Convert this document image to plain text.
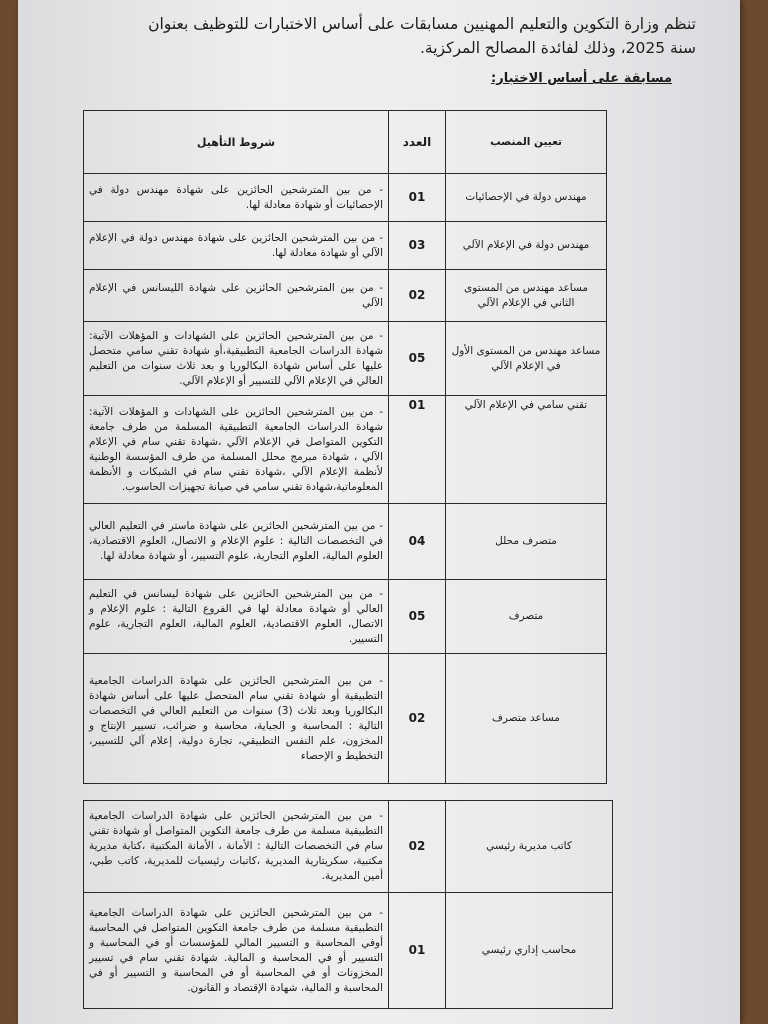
تنظم وزارة التكوين والتعليم المهنيين مسابقات على أساس الاختبارات للتوظيف بعنوان
سنة 2025، وذلك لفائدة المصالح المركزية.
مسابقة على أساس الاختبار:
تعيين المنصب	العدد	شروط التأهيل
مهندس دولة في الإحصائيات	01	- من بين المترشحين الحائزين على شهادة مهندس دولة في الإحصائيات أو شهادة معادلة لها.
مهندس دولة في الإعلام الآلي	03	- من بين المترشحين الحائزين على شهادة مهندس دولة في الإعلام الآلي أو شهادة معادلة لها.
مساعد مهندس من المستوى الثاني في الإعلام الآلي	02	- من بين المترشحين الحائزين على شهادة الليسانس في الإعلام الآلي
مساعد مهندس من المستوى الأول في الإعلام الآلي	05	- من بين المترشحين الحائزين على الشهادات و المؤهلات الآتية: شهادة الدراسات الجامعية التطبيقية،أو شهادة تقني سامي متحصل عليها على أساس شهادة البكالوريا و بعد ثلاث سنوات من التعليم العالي في الإعلام الآلي للتسيير أو الإعلام الآلي.
تقني سامي في الإعلام الآلي	01	- من بين المترشحين الحائزين على الشهادات و المؤهلات الآتية: شهادة الدراسات الجامعية التطبيقية المسلمة من طرف جامعة التكوين المتواصل في الإعلام الآلي ،شهادة تقني سام في الإعلام الآلي ، شهادة مبرمج محلل المسلمة من طرف المؤسسة الوطنية لأنظمة الإعلام الآلي ،شهادة تقني سام في الشبكات و الأنظمة المعلوماتية،شهادة تقني سامي في صيانة تجهيزات الحاسوب.
متصرف محلل	04	- من بين المترشحين الحائزين على شهادة ماستر في التعليم العالي في التخصصات التالية : علوم الإعلام و الاتصال، العلوم الاقتصادية، العلوم المالية، العلوم التجارية، علوم التسيير، أو شهادة معادلة لها.
متصرف	05	- من بين المترشحين الحائزين على شهادة ليسانس في التعليم العالي أو شهادة معادلة لها في الفروع التالية : علوم الإعلام و الاتصال، العلوم الاقتصادية، العلوم المالية، العلوم التجارية، علوم التسيير.
مساعد متصرف	02	- من بين المترشحين الحائزين على شهادة الدراسات الجامعية التطبيقية أو شهادة تقني سام المتحصل عليها على أساس شهادة البكالوريا وبعد ثلاث (3) سنوات من التعليم العالي في التخصصات التالية : المحاسبة و الجباية، محاسبة و ضرائب، تسيير الإنتاج و المخزون، علم النفس التطبيقي، تجارة دولية، إعلام آلي للتسيير، التخطيط و الإحصاء
كاتب مديرية رئيسي	02	- من بين المترشحين الحائزين على شهادة الدراسات الجامعية التطبيقية مسلمة من طرف جامعة التكوين المتواصل أو شهادة تقني سام في التخصصات التالية : الأمانة ، الأمانة المكتبية ،كتابة مديرية مكتبية، سكريتارية المديرية ،كاتبات رئيسيات للمديرية، كاتب طبي، أمين المديرية.
محاسب إداري رئيسي	01	- من بين المترشحين الحائزين على شهادة الدراسات الجامعية التطبيقية مسلمة من طرف جامعة التكوين المتواصل في المحاسبة أوفي المحاسبة و التسيير المالي للمؤسسات أو في المحاسبة و التسيير أو في المحاسبة و المالية. شهادة تقني سام في تسيير المخزونات أو في المحاسبة أو في المحاسبة و التسيير أو في المحاسبة و المالية، شهادة الإقتصاد و القانون.
